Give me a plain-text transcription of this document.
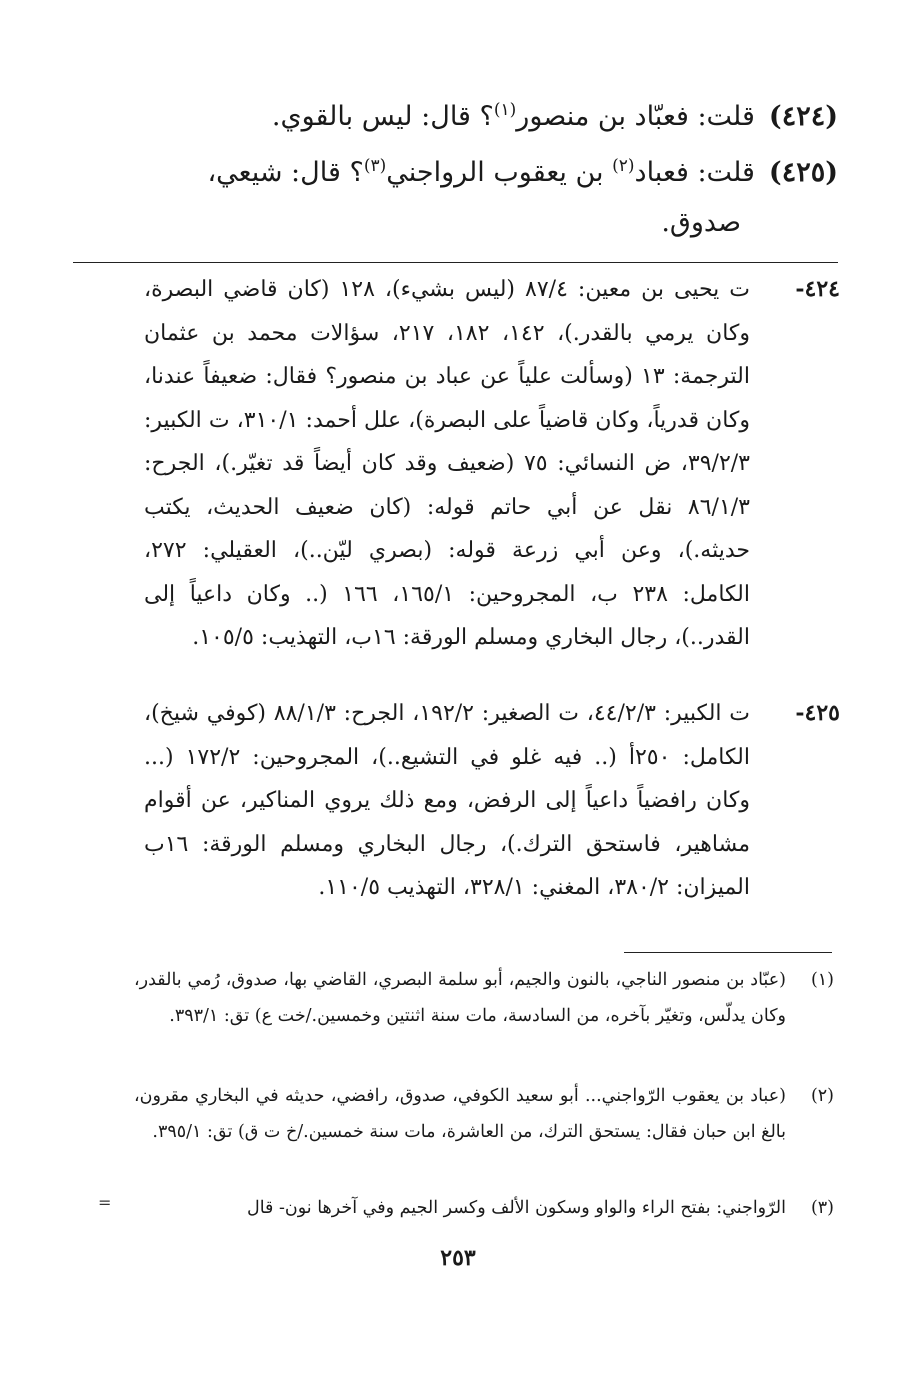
(٤٢٤)قلت: فعبّاد بن منصور$^{(١)}$؟ قال: ليس بالقوي.
(٤٢٥)قلت: فعباد$^{(٢)}$ بن يعقوب الرواجني$^{(٣)}$؟ قال: شيعي،
صدوق.
٤٢٤-
ت يحيى بن معين: ٨٧/٤ (ليس بشيء)، ١٢٨ (كان قاضي البصرة، وكان يرمي بالقدر.)، ١٤٢، ١٨٢، ٢١٧، سؤالات محمد بن عثمان الترجمة: ١٣ (وسألت علياً عن عباد بن منصور؟ فقال: ضعيفاً عندنا، وكان قدرياً، وكان قاضياً على البصرة)، علل أحمد: ٣١٠/١، ت الكبير: ٣٩/٢/٣، ض النسائي: ٧٥ (ضعيف وقد كان أيضاً قد تغيّر.)، الجرح: ٨٦/١/٣ نقل عن أبي حاتم قوله: (كان ضعيف الحديث، يكتب حديثه.)، وعن أبي زرعة قوله: (بصري ليّن..)، العقيلي: ٢٧٢، الكامل: ٢٣٨ ب، المجروحين: ١٦٥/١، ١٦٦ (.. وكان داعياً إلى القدر..)، رجال البخاري ومسلم الورقة: ١٦ب، التهذيب: ١٠٥/٥.
٤٢٥-
ت الكبير: ٤٤/٢/٣، ت الصغير: ١٩٢/٢، الجرح: ٨٨/١/٣ (كوفي شيخ)، الكامل: ٢٥٠أ (.. فيه غلو في التشيع..)، المجروحين: ١٧٢/٢ (... وكان رافضياً داعياً إلى الرفض، ومع ذلك يروي المناكير، عن أقوام مشاهير، فاستحق الترك.)، رجال البخاري ومسلم الورقة: ١٦ب الميزان: ٣٨٠/٢، المغني: ٣٢٨/١، التهذيب ١١٠/٥.
(١)
(عبّاد بن منصور الناجي، بالنون والجيم، أبو سلمة البصري، القاضي بها، صدوق، رُمي بالقدر، وكان يدلّس، وتغيّر بآخره، من السادسة، مات سنة اثنتين وخمسين./خت ع) تق: ٣٩٣/١.
(٢)
(عباد بن يعقوب الرّواجني... أبو سعيد الكوفي، صدوق، رافضي، حديثه في البخاري مقرون، بالغ ابن حبان فقال: يستحق الترك، من العاشرة، مات سنة خمسين./خ ت ق) تق: ٣٩٥/١.
(٣)
الرّواجني: بفتح الراء والواو وسكون الألف وكسر الجيم وفي آخرها نون- قال
=
٢٥٣
